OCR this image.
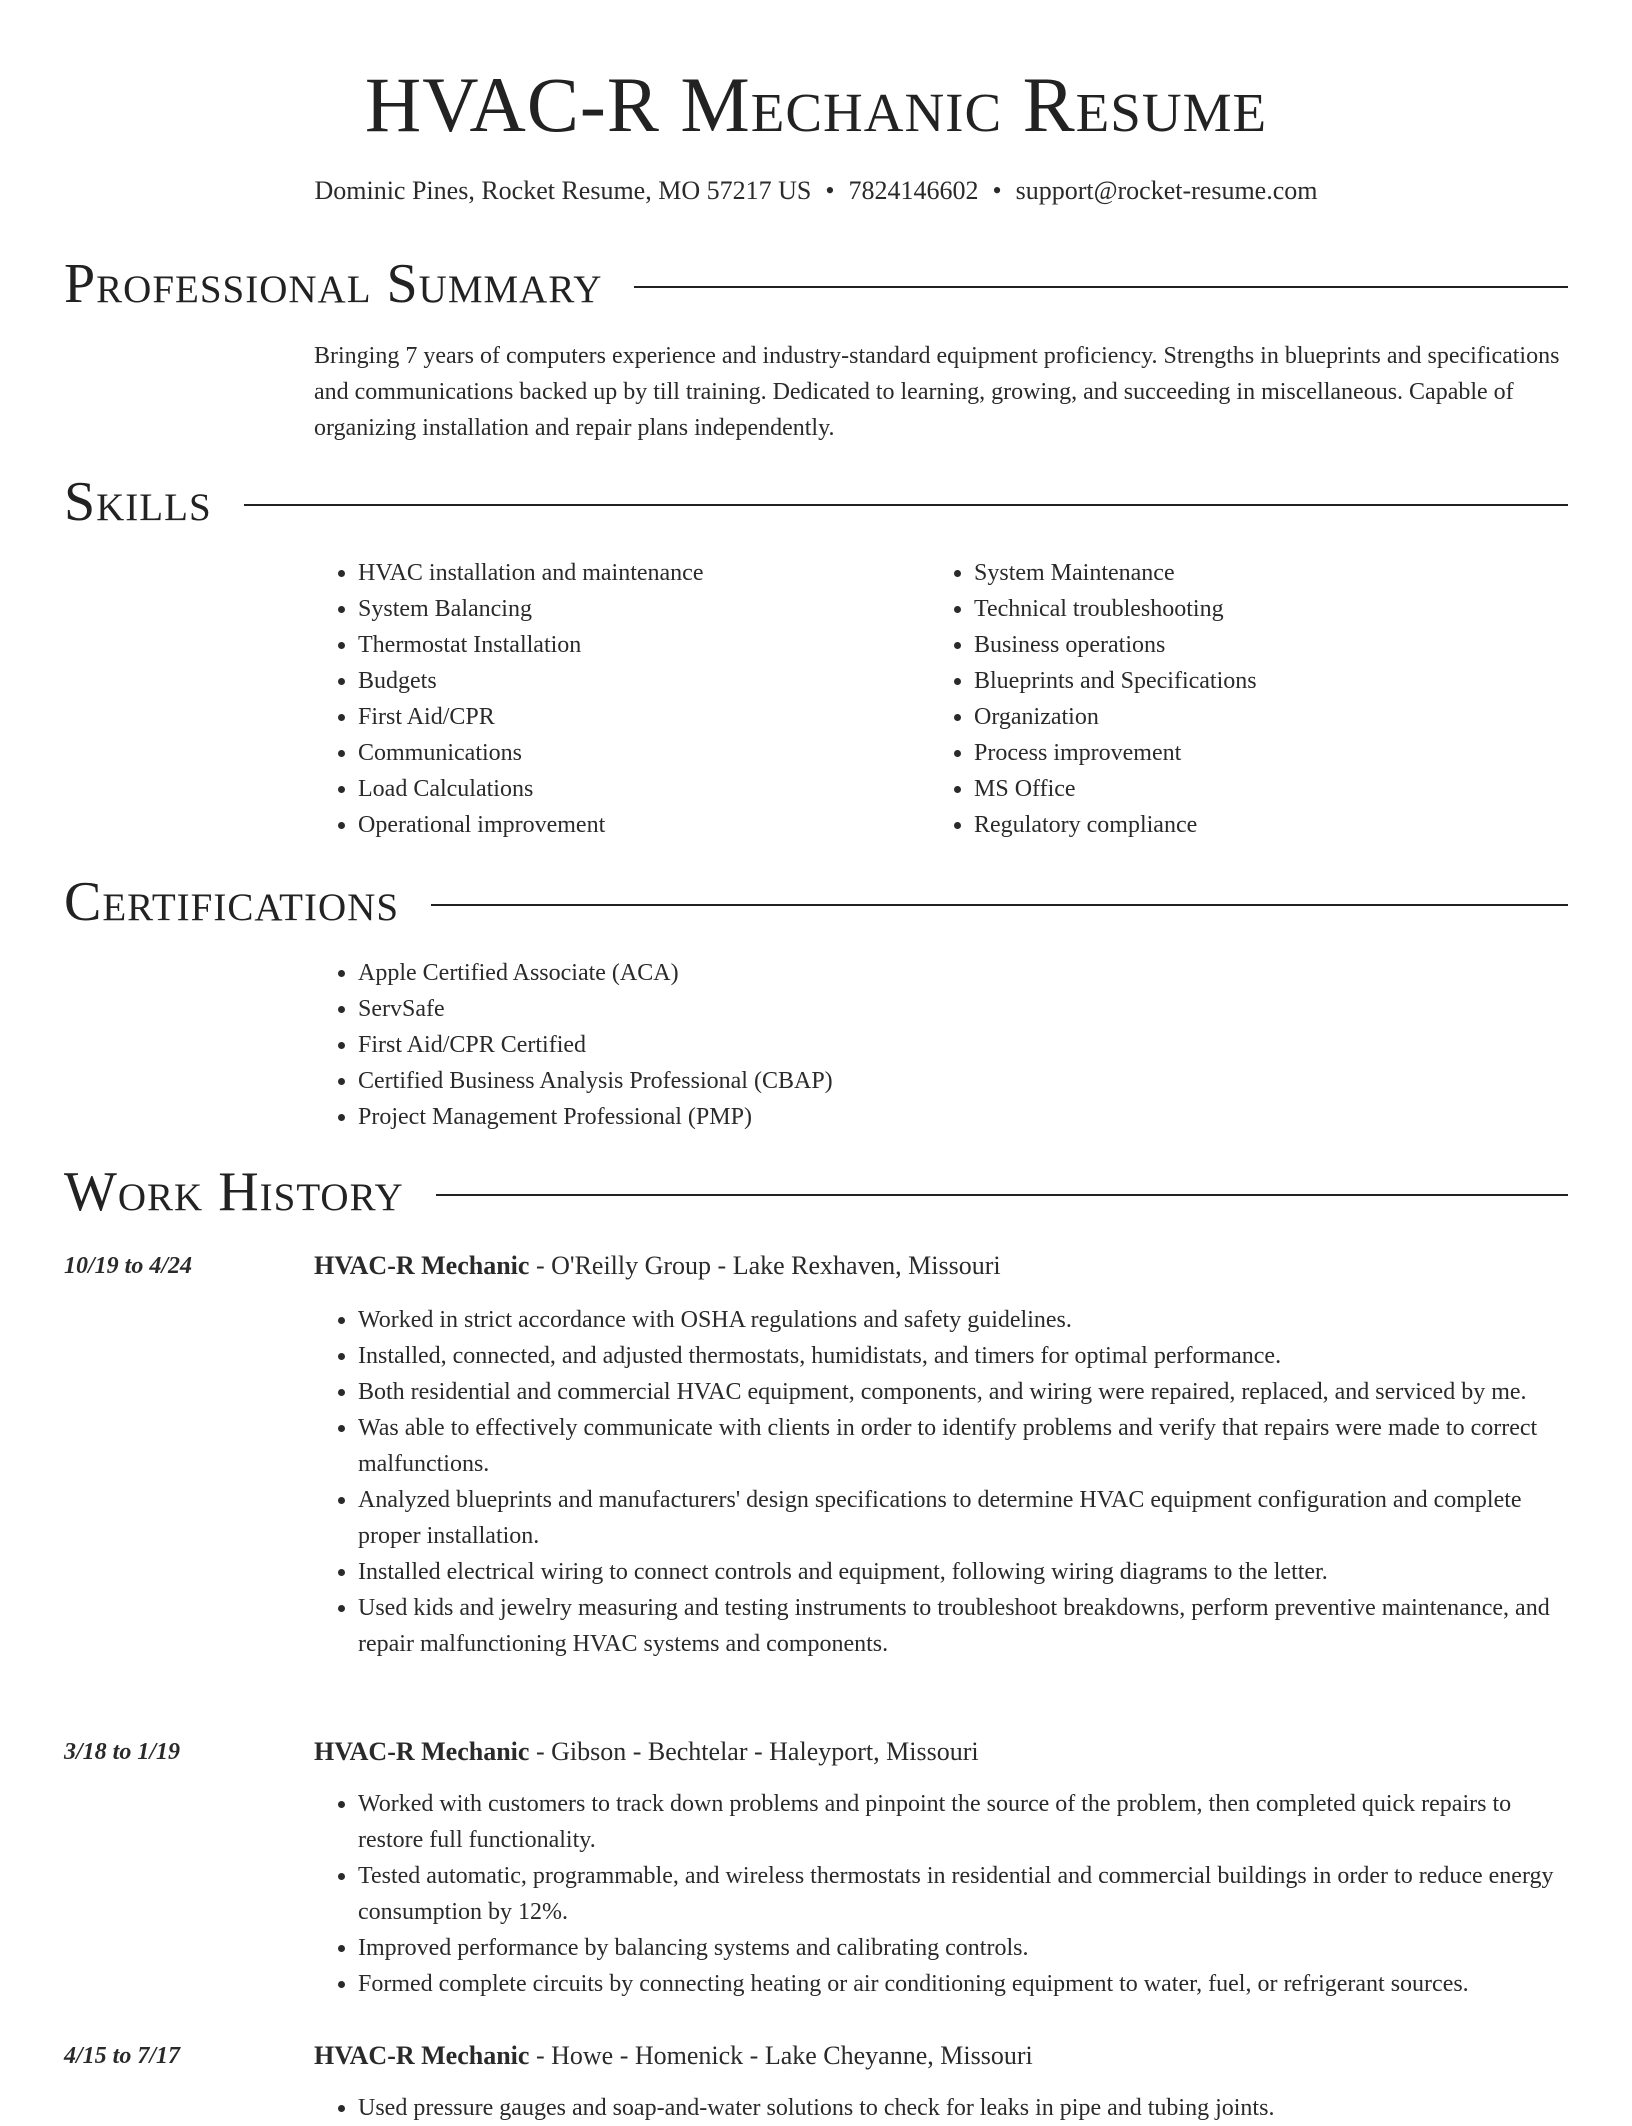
HVAC-R Mechanic Resume
Dominic Pines, Rocket Resume, MO 57217 US • 7824146602 • support@rocket-resume.com
Professional Summary
Bringing 7 years of computers experience and industry-standard equipment proficiency. Strengths in blueprints and specifications and communications backed up by till training. Dedicated to learning, growing, and succeeding in miscellaneous. Capable of organizing installation and repair plans independently.
Skills
• HVAC installation and maintenance
• System Balancing
• Thermostat Installation
• Budgets
• First Aid/CPR
• Communications
• Load Calculations
• Operational improvement
• System Maintenance
• Technical troubleshooting
• Business operations
• Blueprints and Specifications
• Organization
• Process improvement
• MS Office
• Regulatory compliance
Certifications
• Apple Certified Associate (ACA)
• ServSafe
• First Aid/CPR Certified
• Certified Business Analysis Professional (CBAP)
• Project Management Professional (PMP)
Work History
10/19 to 4/24	HVAC-R Mechanic - O'Reilly Group - Lake Rexhaven, Missouri
• Worked in strict accordance with OSHA regulations and safety guidelines.
• Installed, connected, and adjusted thermostats, humidistats, and timers for optimal performance.
• Both residential and commercial HVAC equipment, components, and wiring were repaired, replaced, and serviced by me.
• Was able to effectively communicate with clients in order to identify problems and verify that repairs were made to correct malfunctions.
• Analyzed blueprints and manufacturers' design specifications to determine HVAC equipment configuration and complete proper installation.
• Installed electrical wiring to connect controls and equipment, following wiring diagrams to the letter.
• Used kids and jewelry measuring and testing instruments to troubleshoot breakdowns, perform preventive maintenance, and repair malfunctioning HVAC systems and components.
3/18 to 1/19	HVAC-R Mechanic - Gibson - Bechtelar - Haleyport, Missouri
• Worked with customers to track down problems and pinpoint the source of the problem, then completed quick repairs to restore full functionality.
• Tested automatic, programmable, and wireless thermostats in residential and commercial buildings in order to reduce energy consumption by 12%.
• Improved performance by balancing systems and calibrating controls.
• Formed complete circuits by connecting heating or air conditioning equipment to water, fuel, or refrigerant sources.
4/15 to 7/17	HVAC-R Mechanic - Howe - Homenick - Lake Cheyanne, Missouri
• Used pressure gauges and soap-and-water solutions to check for leaks in pipe and tubing joints.
